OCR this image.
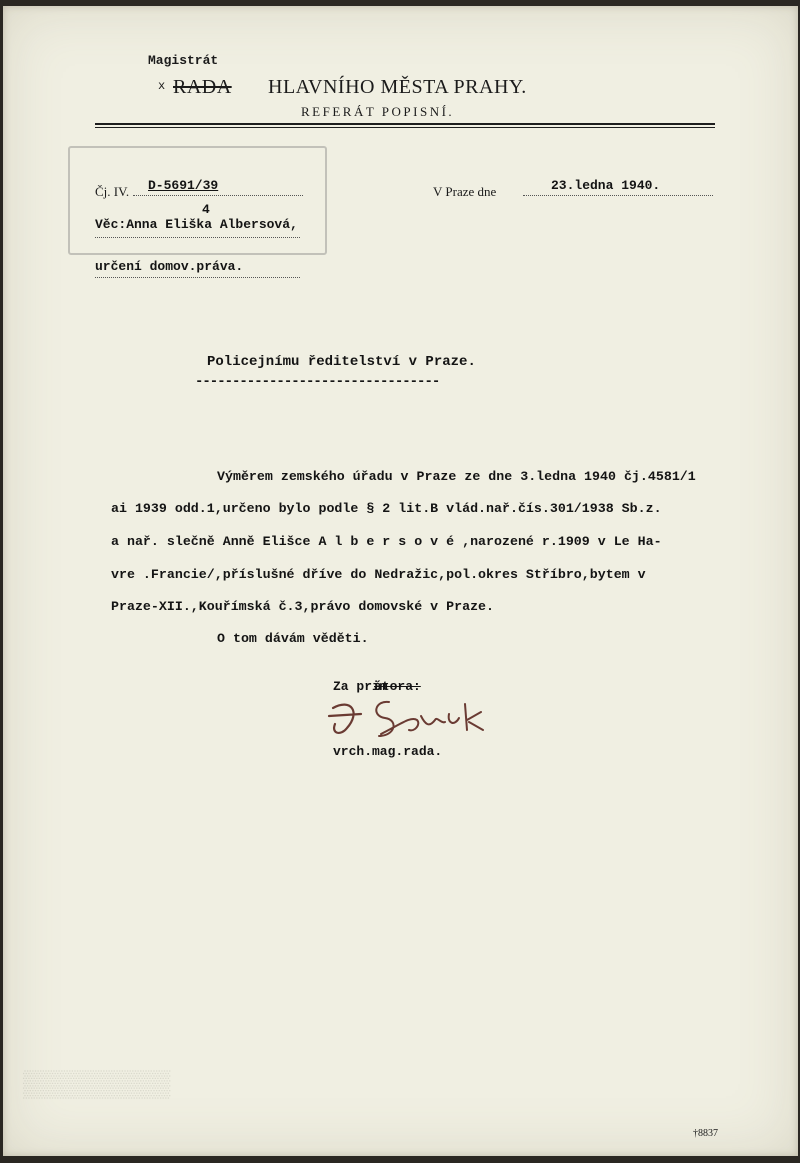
▒▒▒▒▒▒▒▒
Magistrát
x RADA HLAVNÍHO MĚSTA PRAHY.
REFERÁT POPISNÍ.
Čj. IV. D-5691/39
4
V Praze dne	23.ledna 1940.
Věc:Anna Eliška Albersová,
určení domov.práva.
Policejnímu ředitelství v Praze.
---------------------------------
Výměrem zemského úřadu v Praze ze dne 3.ledna 1940 čj.4581/1
ai 1939 odd.1,určeno bylo podle § 2 lit.B vlád.nař.čís.301/1938 Sb.z.
a nař. slečně Anně Elišce A l b e r s o v é ,narozené r.1909 v Le Ha-
vre .Francie/,příslušné dříve do Nedražic,pol.okres Stříbro,bytem v
Praze-XII.,Kouřímská č.3,právo domovské v Praze.
O tom dávám věděti.
Za prim
átora:
vrch.mag.rada.
†8837
